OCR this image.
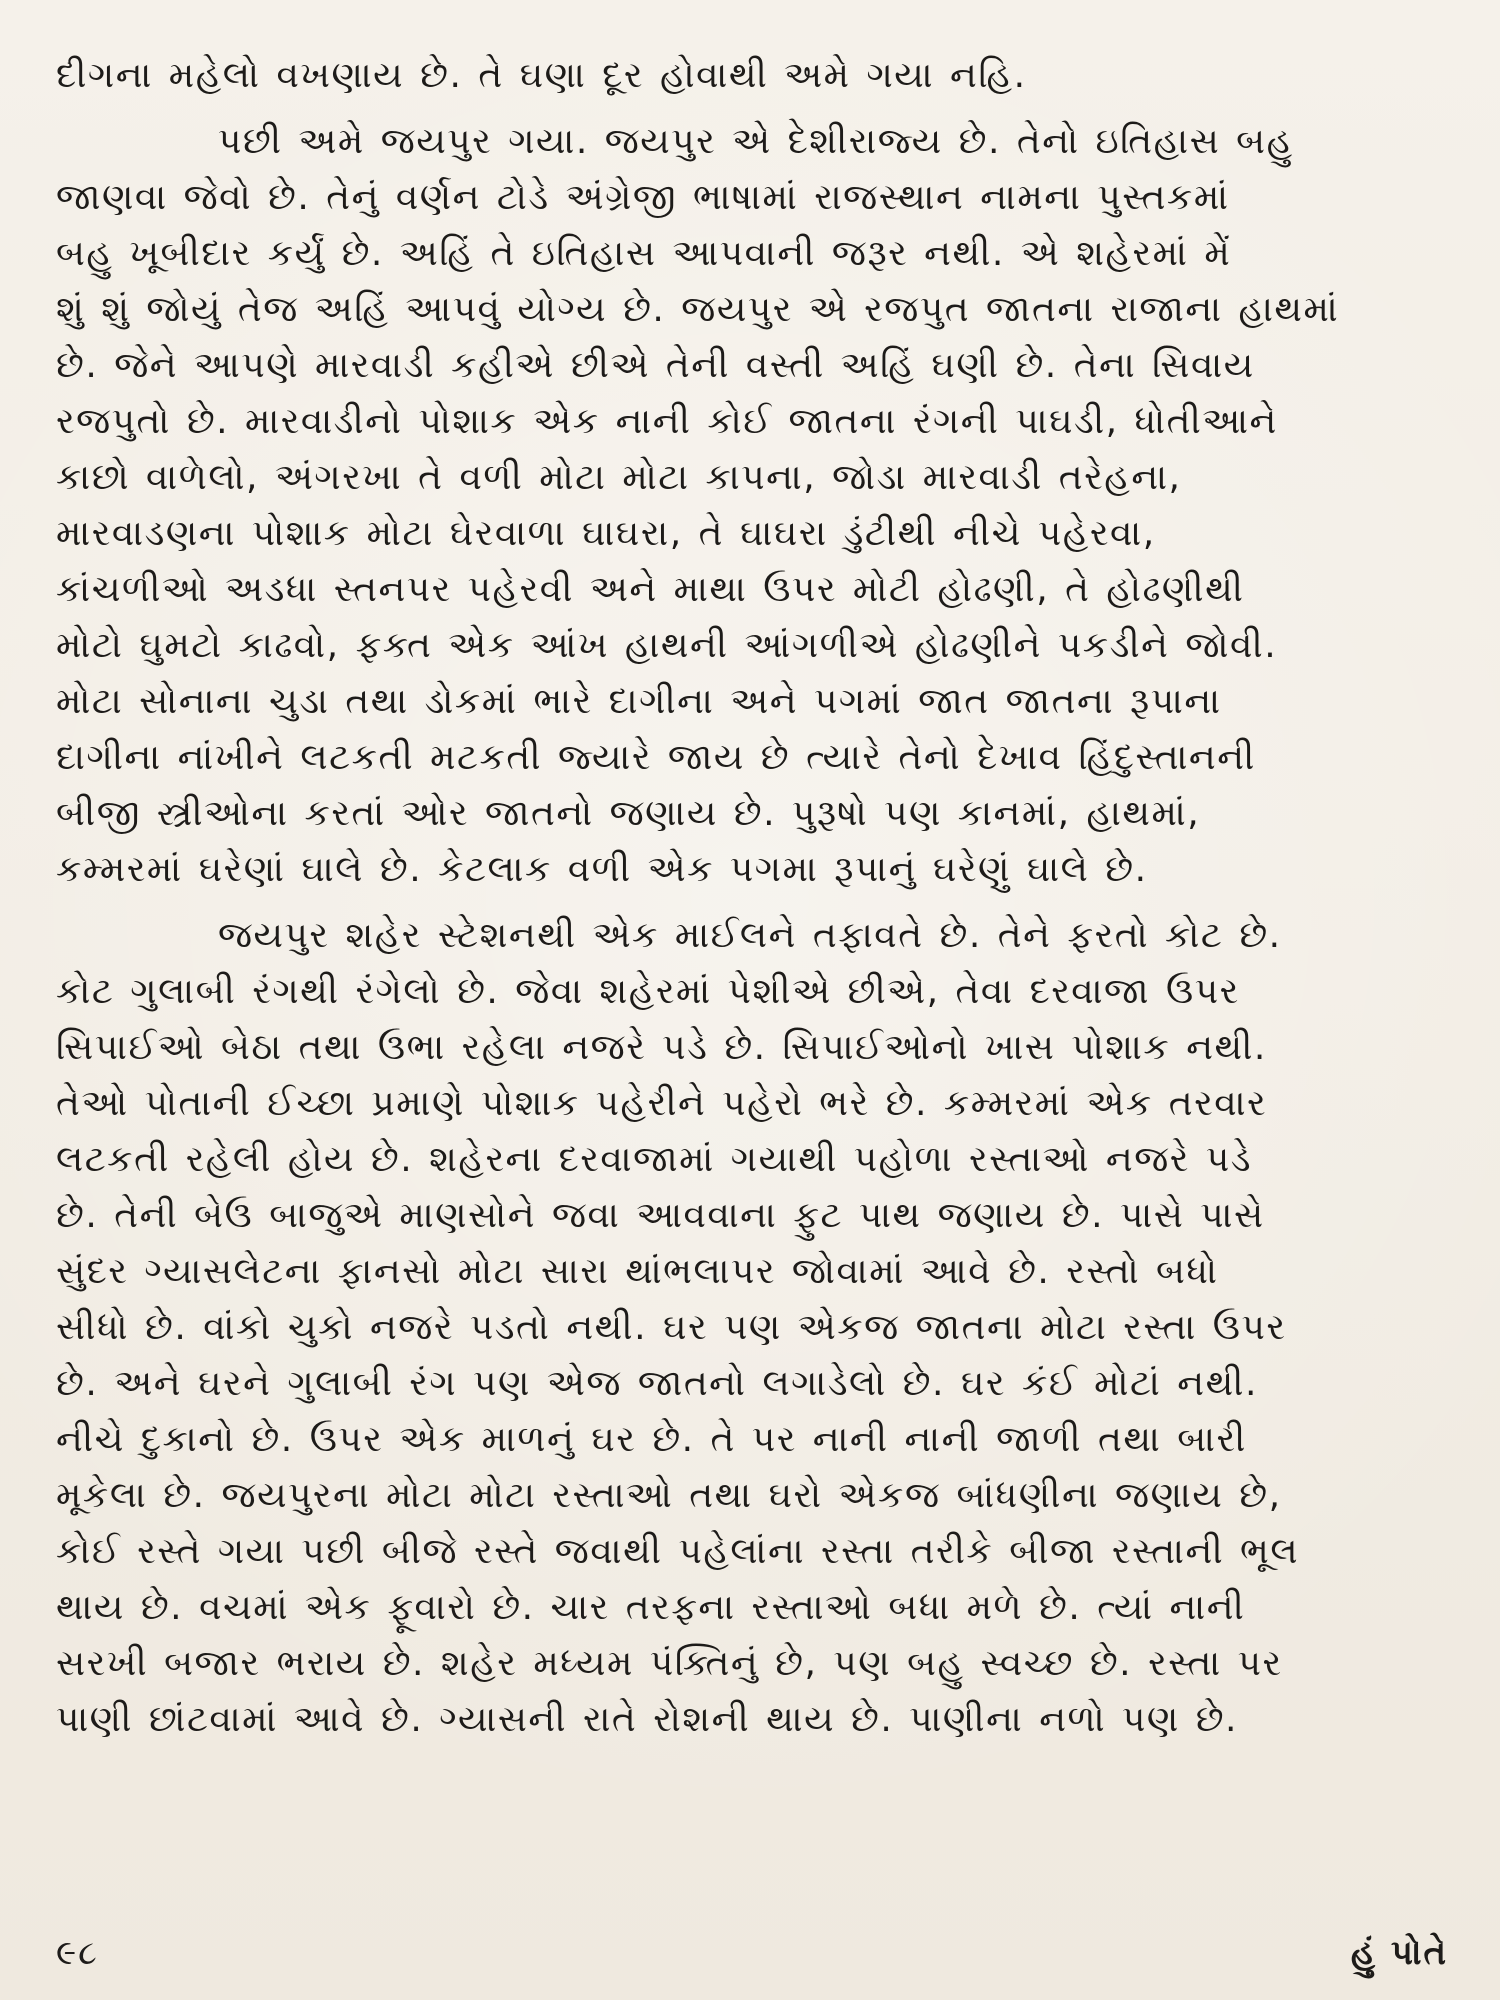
દીગના મહેલો વખણાય છે. તે ઘણા દૂર હોવાથી અમે ગયા નહિ.
પછી અમે જયપુર ગયા. જયપુર એ દેશીરાજ્ય છે. તેનો ઇતિહાસ બહુ
જાણવા જેવો છે. તેનું વર્ણન ટોડે અંગ્રેજી ભાષામાં રાજસ્થાન નામના પુસ્તકમાં
બહુ ખૂબીદાર કર્યું છે. અહિં તે ઇતિહાસ આપવાની જરૂર નથી. એ શહેરમાં મેં
શું શું જોયું તેજ અહિં આપવું યોગ્ય છે. જયપુર એ રજપુત જાતના રાજાના હાથમાં
છે. જેને આપણે મારવાડી કહીએ છીએ તેની વસ્તી અહિં ઘણી છે. તેના સિવાય
રજપુતો છે. મારવાડીનો પોશાક એક નાની કોઈ જાતના રંગની પાઘડી, ધોતીઆને
કાછો વાળેલો, અંગરખા તે વળી મોટા મોટા કાપના, જોડા મારવાડી તરેહના,
મારવાડણના પોશાક મોટા ઘેરવાળા ઘાઘરા, તે ઘાઘરા ડુંટીથી નીચે પહેરવા,
કાંચળીઓ અડધા સ્તનપર પહેરવી અને માથા ઉપર મોટી હોઢણી, તે હોઢણીથી
મોટો ઘુમટો કાઢવો, ફક્ત એક આંખ હાથની આંગળીએ હોઢણીને પકડીને જોવી.
મોટા સોનાના ચુડા તથા ડોકમાં ભારે દાગીના અને પગમાં જાત જાતના રૂપાના
દાગીના નાંખીને લટકતી મટકતી જ્યારે જાય છે ત્યારે તેનો દેખાવ હિંદુસ્તાનની
બીજી સ્ત્રીઓના કરતાં ઓર જાતનો જણાય છે. પુરૂષો પણ કાનમાં, હાથમાં,
કમ્મરમાં ઘરેણાં ઘાલે છે. કેટલાક વળી એક પગમા રૂપાનું ઘરેણું ઘાલે છે.
જયપુર શહેર સ્ટેશનથી એક માઈલને તફાવતે છે. તેને ફરતો કોટ છે.
કોટ ગુલાબી રંગથી રંગેલો છે. જેવા શહેરમાં પેશીએ છીએ, તેવા દરવાજા ઉપર
સિપાઈઓ બેઠા તથા ઉભા રહેલા નજરે પડે છે. સિપાઈઓનો ખાસ પોશાક નથી.
તેઓ પોતાની ઈચ્છા પ્રમાણે પોશાક પહેરીને પહેરો ભરે છે. કમ્મરમાં એક તરવાર
લટકતી રહેલી હોય છે. શહેરના દરવાજામાં ગયાથી પહોળા રસ્તાઓ નજરે પડે
છે. તેની બેઉ બાજુએ માણસોને જવા આવવાના ફુટ પાથ જણાય છે. પાસે પાસે
સુંદર ગ્યાસલેટના ફાનસો મોટા સારા થાંભલાપર જોવામાં આવે છે. રસ્તો બધો
સીધો છે. વાંકો ચુકો નજરે પડતો નથી. ઘર પણ એકજ જાતના મોટા રસ્તા ઉપર
છે. અને ઘરને ગુલાબી રંગ પણ એજ જાતનો લગાડેલો છે. ઘર કંઈ મોટાં નથી.
નીચે દુકાનો છે. ઉપર એક માળનું ઘર છે. તે પર નાની નાની જાળી તથા બારી
મૂકેલા છે. જયપુરના મોટા મોટા રસ્તાઓ તથા ઘરો એકજ બાંધણીના જણાય છે,
કોઈ રસ્તે ગયા પછી બીજે રસ્તે જવાથી પહેલાંના રસ્તા તરીકે બીજા રસ્તાની ભૂલ
થાય છે. વચમાં એક ફૂવારો છે. ચાર તરફના રસ્તાઓ બધા મળે છે. ત્યાં નાની
સરખી બજાર ભરાય છે. શહેર મધ્યમ પંક્તિનું છે, પણ બહુ સ્વચ્છ છે. રસ્તા પર
પાણી છાંટવામાં આવે છે. ગ્યાસની રાતે રોશની થાય છે. પાણીના નળો પણ છે.
૯૮	હું પોતે
